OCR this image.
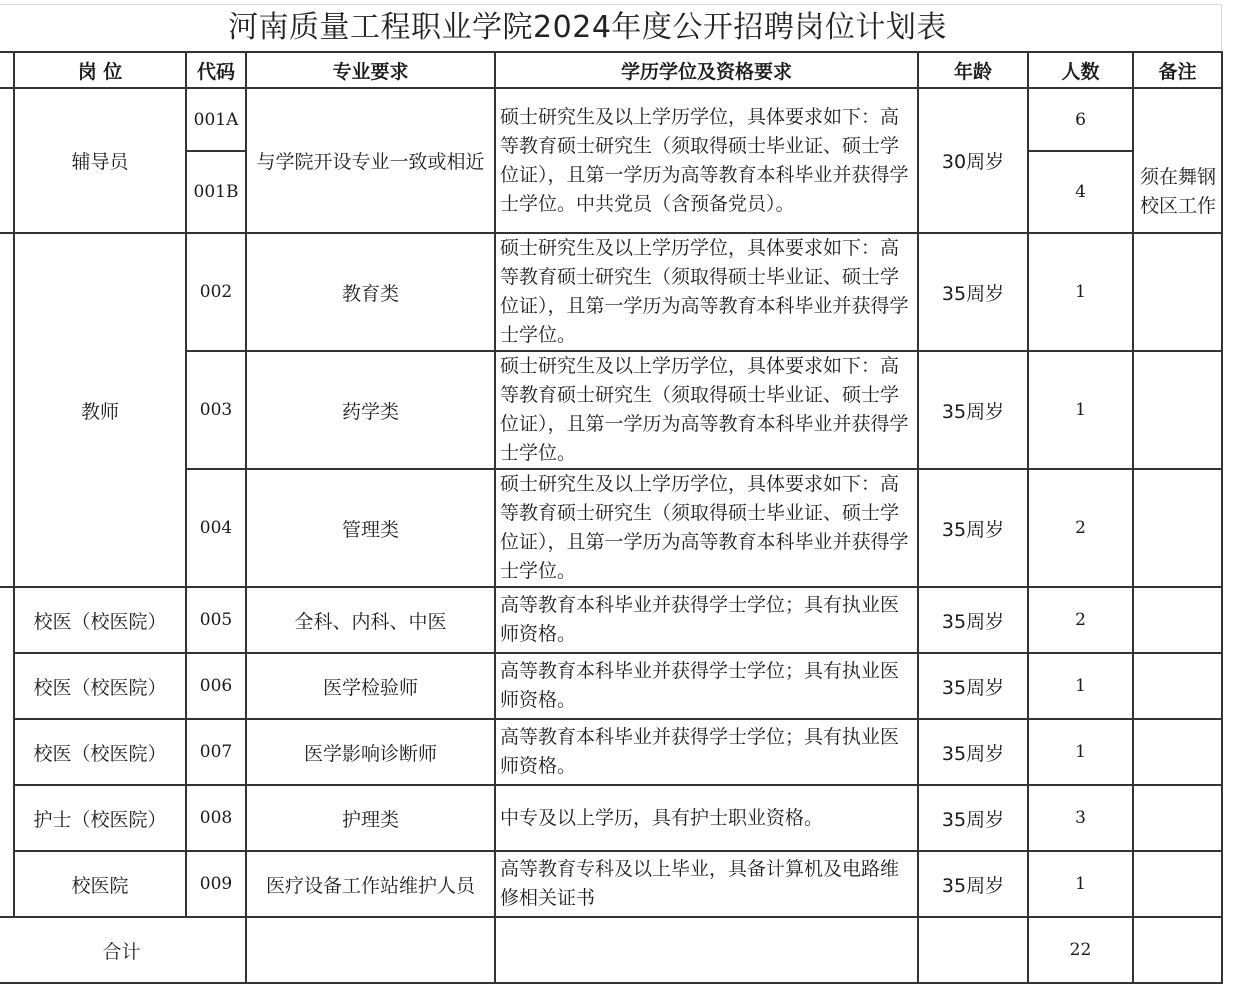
河南质量工程职业学院2024年度公开招聘岗位计划表
	岗 位	代码	专业要求	学历学位及资格要求	年龄	人数	备注
	辅导员	001A	与学院开设专业一致或相近	硕士研究生及以上学历学位，具体要求如下：高等教育硕士研究生（须取得硕士毕业证、硕士学位证），且第一学历为高等教育本科毕业并获得学士学位。中共党员（含预备党员）。	30周岁	6	
		001B				4	须在舞钢校区工作
	教师	002	教育类	硕士研究生及以上学历学位，具体要求如下：高等教育硕士研究生（须取得硕士毕业证、硕士学位证），且第一学历为高等教育本科毕业并获得学士学位。	35周岁	1	
		003	药学类	硕士研究生及以上学历学位，具体要求如下：高等教育硕士研究生（须取得硕士毕业证、硕士学位证），且第一学历为高等教育本科毕业并获得学士学位。	35周岁	1	
		004	管理类	硕士研究生及以上学历学位，具体要求如下：高等教育硕士研究生（须取得硕士毕业证、硕士学位证），且第一学历为高等教育本科毕业并获得学士学位。	35周岁	2	
	校医（校医院）	005	全科、内科、中医	高等教育本科毕业并获得学士学位；具有执业医师资格。	35周岁	2	
	校医（校医院）	006	医学检验师	高等教育本科毕业并获得学士学位；具有执业医师资格。	35周岁	1	
	校医（校医院）	007	医学影响诊断师	高等教育本科毕业并获得学士学位；具有执业医师资格。	35周岁	1	
	护士（校医院）	008	护理类	中专及以上学历，具有护士职业资格。	35周岁	3	
	校医院	009	医疗设备工作站维护人员	高等教育专科及以上毕业，具备计算机及电路维修相关证书	35周岁	1	
合计						22	
